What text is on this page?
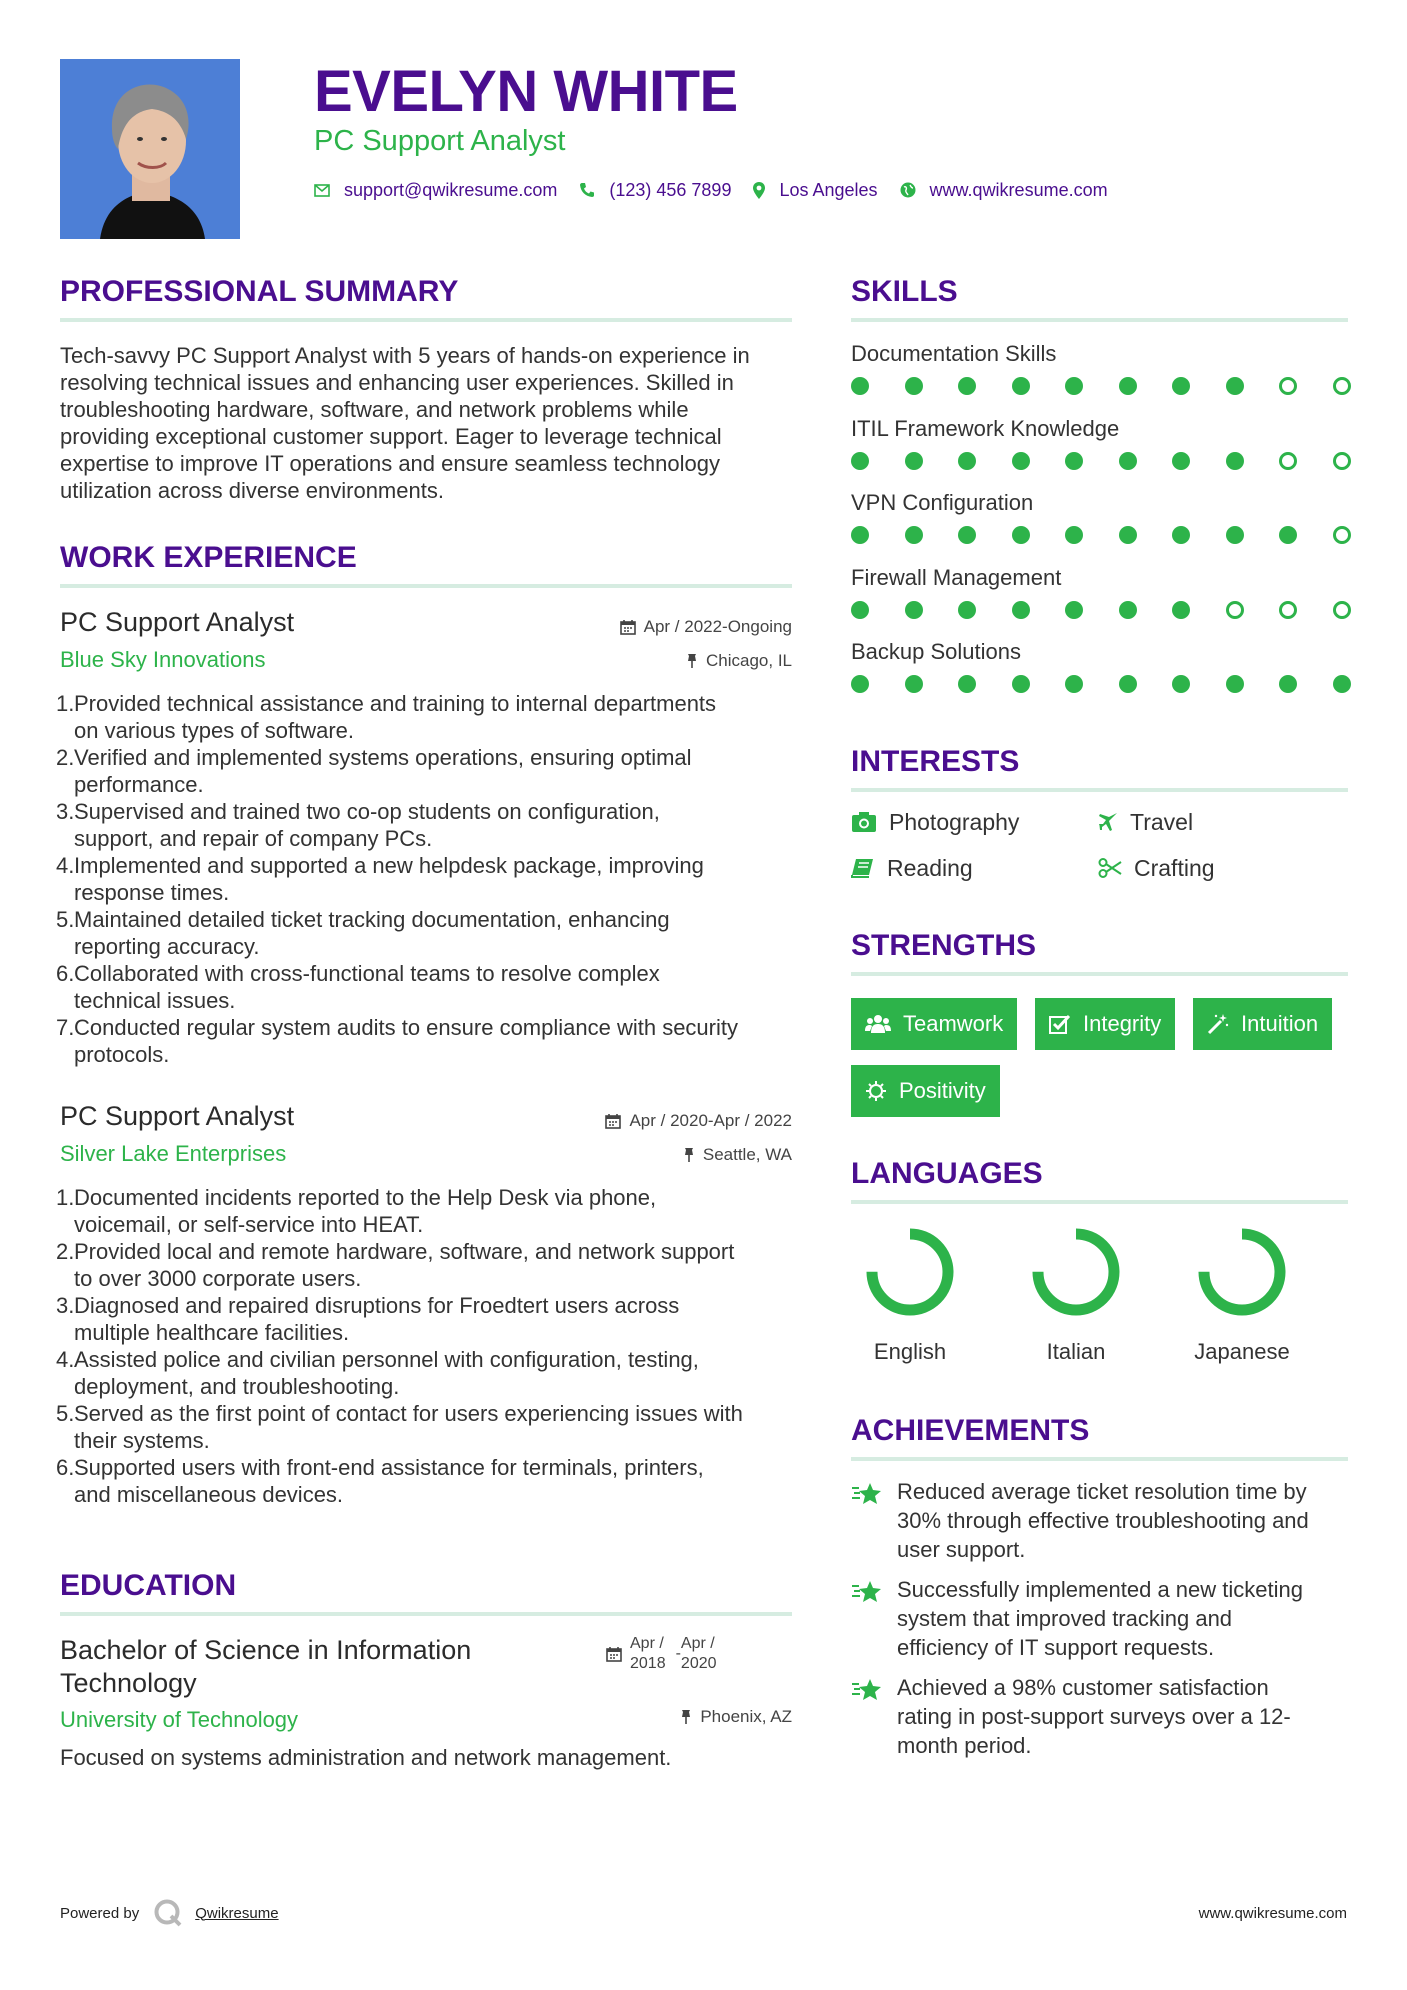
EVELYN WHITE
PC Support Analyst
support@qwikresume.com	(123) 456 7899	Los Angeles	www.qwikresume.com
PROFESSIONAL SUMMARY
Tech-savvy PC Support Analyst with 5 years of hands-on experience in
resolving technical issues and enhancing user experiences. Skilled in
troubleshooting hardware, software, and network problems while
providing exceptional customer support. Eager to leverage technical
expertise to improve IT operations and ensure seamless technology
utilization across diverse environments.
WORK EXPERIENCE
PC Support Analyst
Blue Sky Innovations
Apr / 2022-Ongoing
Chicago, IL
1. Provided technical assistance and training to internal departments
on various types of software.
2. Verified and implemented systems operations, ensuring optimal
performance.
3. Supervised and trained two co-op students on configuration,
support, and repair of company PCs.
4. Implemented and supported a new helpdesk package, improving
response times.
5. Maintained detailed ticket tracking documentation, enhancing
reporting accuracy.
6. Collaborated with cross-functional teams to resolve complex
technical issues.
7. Conducted regular system audits to ensure compliance with security
protocols.
PC Support Analyst
Silver Lake Enterprises
Apr / 2020-Apr / 2022
Seattle, WA
1. Documented incidents reported to the Help Desk via phone,
voicemail, or self-service into HEAT.
2. Provided local and remote hardware, software, and network support
to over 3000 corporate users.
3. Diagnosed and repaired disruptions for Froedtert users across
multiple healthcare facilities.
4. Assisted police and civilian personnel with configuration, testing,
deployment, and troubleshooting.
5. Served as the first point of contact for users experiencing issues with
their systems.
6. Supported users with front-end assistance for terminals, printers,
and miscellaneous devices.
EDUCATION
Bachelor of Science in Information
Technology
University of Technology
Apr /
2018
-
Apr /
2020
Phoenix, AZ
Focused on systems administration and network management.
SKILLS
Documentation Skills
ITIL Framework Knowledge
VPN Configuration
Firewall Management
Backup Solutions
INTERESTS
Photography	Travel
Reading	Crafting
STRENGTHS
Teamwork	Integrity	Intuition
Positivity
LANGUAGES
English	Italian	Japanese
ACHIEVEMENTS
Reduced average ticket resolution time by
30% through effective troubleshooting and
user support.
Successfully implemented a new ticketing
system that improved tracking and
efficiency of IT support requests.
Achieved a 98% customer satisfaction
rating in post-support surveys over a 12-
month period.
Powered by	Qwikresume	www.qwikresume.com
